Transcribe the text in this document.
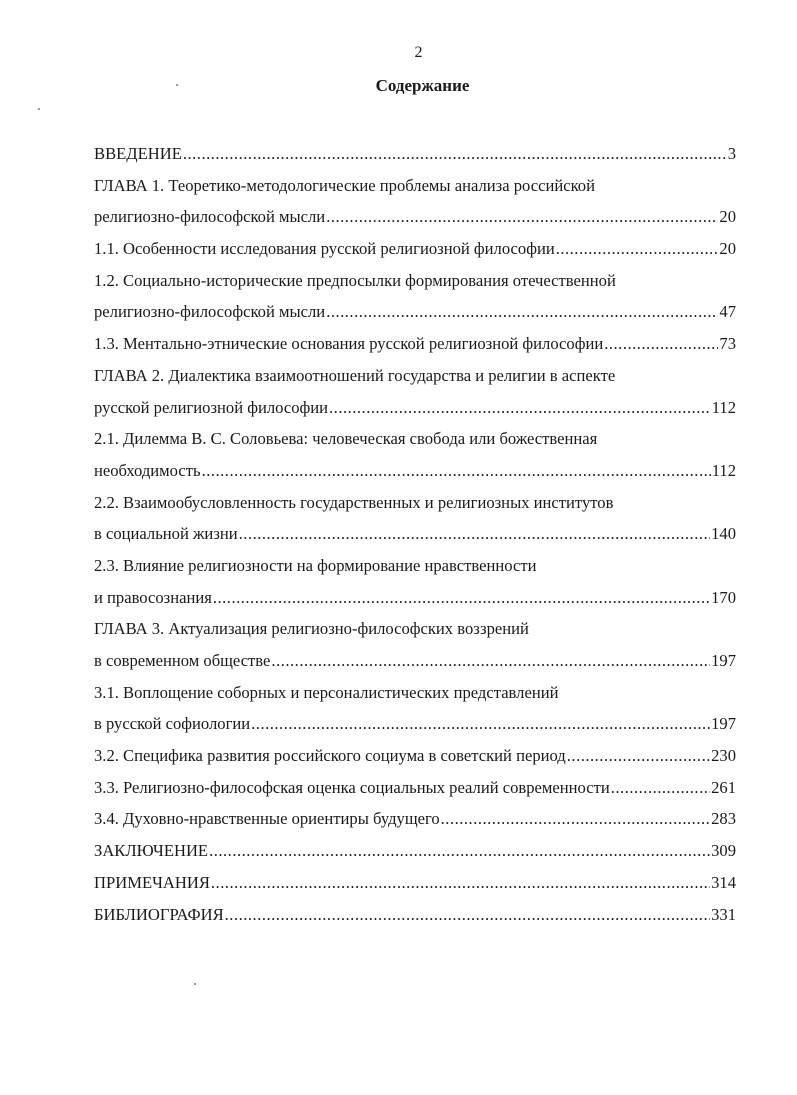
2
Содержание
ВВЕДЕНИЕ .....	3
ГЛАВА 1. Теоретико-методологические проблемы анализа российской
религиозно-философской мысли .....	20
1.1. Особенности исследования русской религиозной философии .....	20
1.2. Социально-исторические предпосылки формирования отечественной
религиозно-философской мысли .....	47
1.3. Ментально-этнические основания русской религиозной философии .....	73
ГЛАВА 2. Диалектика взаимоотношений государства и религии в аспекте
русской религиозной философии .....	112
2.1. Дилемма В. С. Соловьева: человеческая свобода или божественная
необходимость .....	112
2.2. Взаимообусловленность государственных и религиозных институтов
в социальной жизни .....	140
2.3. Влияние религиозности на формирование нравственности
и правосознания .....	170
ГЛАВА 3. Актуализация религиозно-философских воззрений
в современном обществе .....	197
3.1. Воплощение соборных и персоналистических представлений
в русской софиологии .....	197
3.2. Специфика развития российского социума в советский период .....	230
3.3. Религиозно-философская оценка социальных реалий современности .....	261
3.4. Духовно-нравственные ориентиры будущего .....	283
ЗАКЛЮЧЕНИЕ .....	309
ПРИМЕЧАНИЯ .....	314
БИБЛИОГРАФИЯ .....	331
